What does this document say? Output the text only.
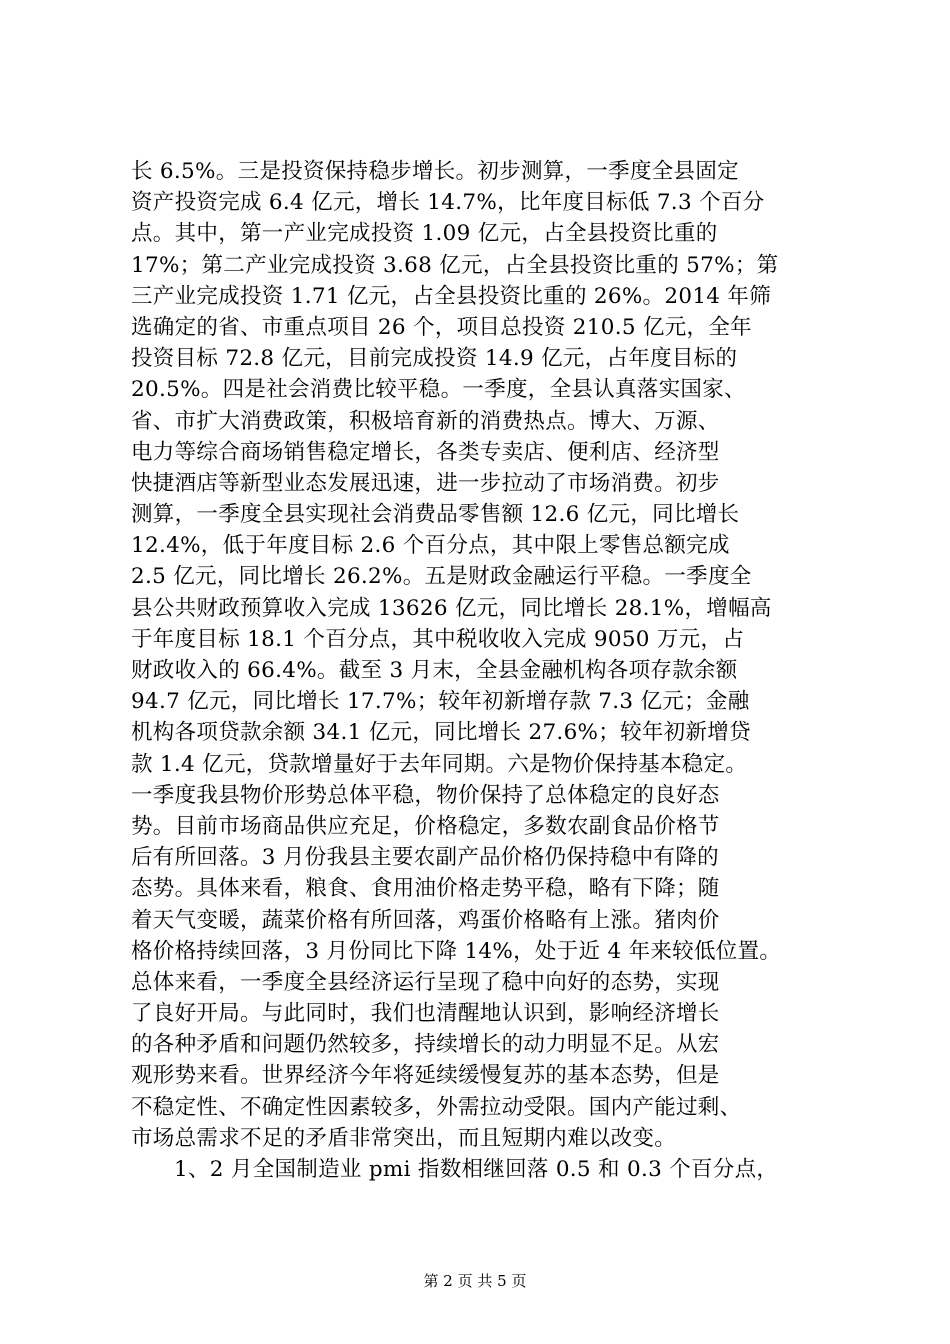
长 6.5%。三是投资保持稳步增长。初步测算，一季度全县固定
资产投资完成 6.4 亿元，增长 14.7%，比年度目标低 7.3 个百分
点。其中，第一产业完成投资 1.09 亿元，占全县投资比重的
17%；第二产业完成投资 3.68 亿元，占全县投资比重的 57%；第
三产业完成投资 1.71 亿元，占全县投资比重的 26%。2014 年筛
选确定的省、市重点项目 26 个，项目总投资 210.5 亿元，全年
投资目标 72.8 亿元，目前完成投资 14.9 亿元，占年度目标的
20.5%。四是社会消费比较平稳。一季度，全县认真落实国家、
省、市扩大消费政策，积极培育新的消费热点。博大、万源、
电力等综合商场销售稳定增长，各类专卖店、便利店、经济型
快捷酒店等新型业态发展迅速，进一步拉动了市场消费。初步
测算，一季度全县实现社会消费品零售额 12.6 亿元，同比增长
12.4%，低于年度目标 2.6 个百分点，其中限上零售总额完成
2.5 亿元，同比增长 26.2%。五是财政金融运行平稳。一季度全
县公共财政预算收入完成 13626 亿元，同比增长 28.1%，增幅高
于年度目标 18.1 个百分点，其中税收收入完成 9050 万元，占
财政收入的 66.4%。截至 3 月末，全县金融机构各项存款余额
94.7 亿元，同比增长 17.7%；较年初新增存款 7.3 亿元；金融
机构各项贷款余额 34.1 亿元，同比增长 27.6%；较年初新增贷
款 1.4 亿元，贷款增量好于去年同期。六是物价保持基本稳定。
一季度我县物价形势总体平稳，物价保持了总体稳定的良好态
势。目前市场商品供应充足，价格稳定，多数农副食品价格节
后有所回落。3 月份我县主要农副产品价格仍保持稳中有降的
态势。具体来看，粮食、食用油价格走势平稳，略有下降；随
着天气变暖，蔬菜价格有所回落，鸡蛋价格略有上涨。猪肉价
格价格持续回落，3 月份同比下降 14%，处于近 4 年来较低位置。
总体来看，一季度全县经济运行呈现了稳中向好的态势，实现
了良好开局。与此同时，我们也清醒地认识到，影响经济增长
的各种矛盾和问题仍然较多，持续增长的动力明显不足。从宏
观形势来看。世界经济今年将延续缓慢复苏的基本态势，但是
不稳定性、不确定性因素较多，外需拉动受限。国内产能过剩、
市场总需求不足的矛盾非常突出，而且短期内难以改变。
1、2 月全国制造业 pmi 指数相继回落 0.5 和 0.3 个百分点，
第 2 页 共 5 页
